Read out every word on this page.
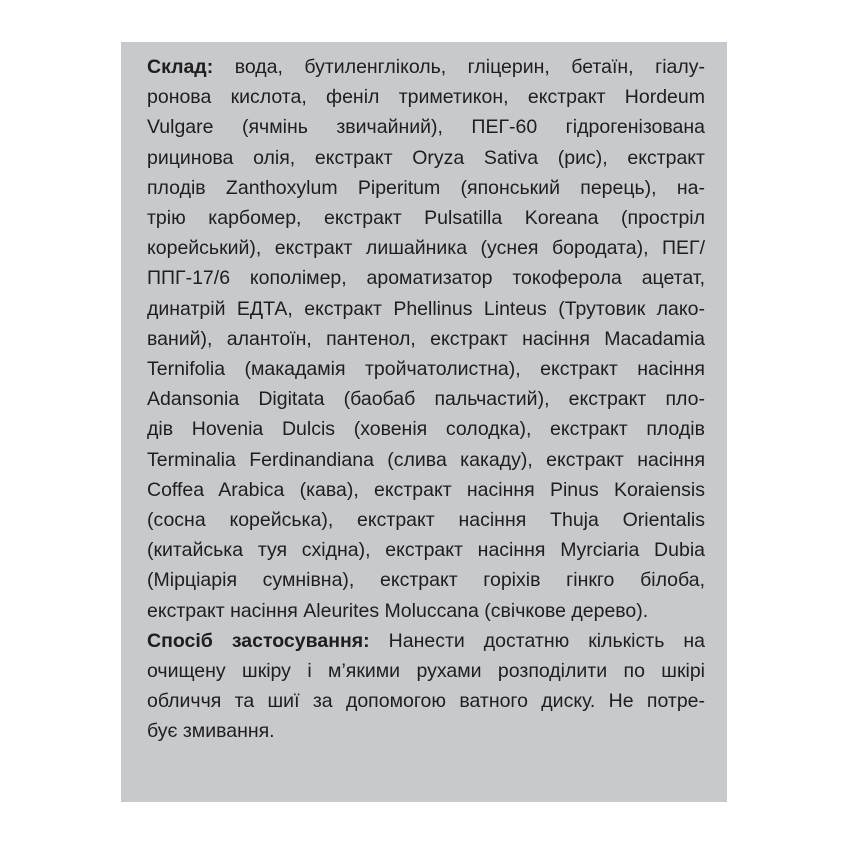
Склад: вода, бутиленгліколь, гліцерин, бетаїн, гіалу-
ронова кислота, феніл триметикон, екстракт Hordeum
Vulgare (ячмінь звичайний), ПЕГ-60 гідрогенізована
рицинова олія, екстракт Oryza Sativa (рис), екстракт
плодів Zanthoxylum Piperitum (японський перець), на-
трію карбомер, екстракт Pulsatilla Koreana (прострiл
корейський), екстракт лишайника (уснея бородата), ПЕГ/
ППГ-17/6 кополімер, ароматизатор токоферола ацетат,
динатрій ЕДТА, екстракт Phellinus Linteus (Трутовик лако-
ваний), алантоїн, пантенол, екстракт насіння Macadamia
Ternifolia (макадамія тройчатолистна), екстракт насіння
Adansonia Digitata (баобаб пальчастий), екстракт пло-
дів Hovenia Dulcis (ховенія солодка), екстракт плодів
Terminalia Ferdinandiana (слива какаду), екстракт насіння
Coffea Arabica (кава), екстракт насіння Pinus Koraiensis
(сосна корейська), екстракт насіння Thuja Orientalis
(китайська туя східна), екстракт насіння Myrciaria Dubia
(Мірціарія сумнівна), екстракт горіхів гінкго білоба,
екстракт насіння Aleurites Moluccana (свічкове дерево).
Спосіб застосування: Нанести достатню кількість на
очищену шкіру і м’якими рухами розподілити по шкірі
обличчя та шиї за допомогою ватного диску. Не потре-
бує змивання.
